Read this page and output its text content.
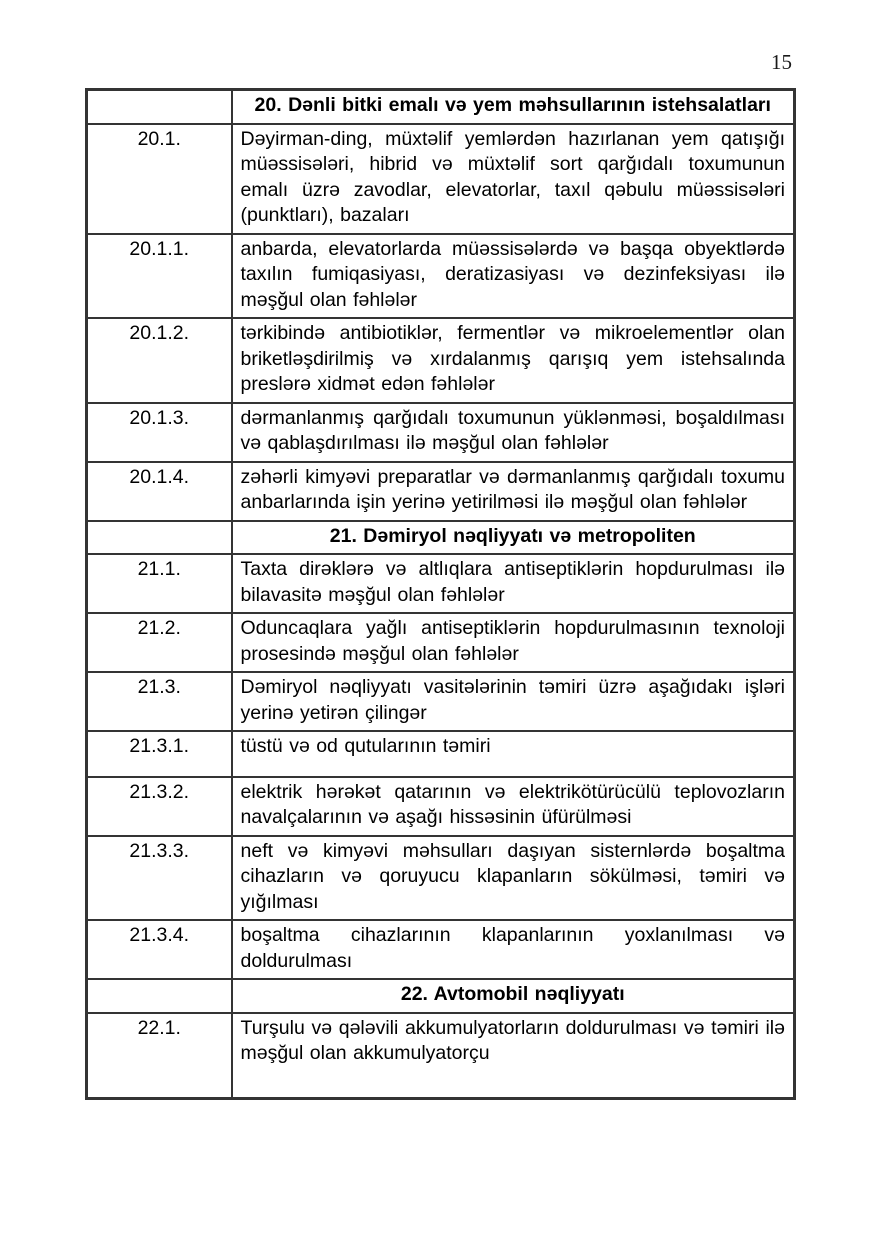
15
	20. Dənli bitki emalı və yem məhsullarının istehsalatları
20.1.	Dəyirman-ding, müxtəlif yemlərdən hazırlanan yem qatışığı müəssisələri, hibrid və müxtəlif sort qarğıdalı toxumunun emalı üzrə zavodlar, elevatorlar, taxıl qəbulu müəssisələri (punktları), bazaları
20.1.1.	anbarda, elevatorlarda müəssisələrdə və başqa obyektlərdə taxılın fumiqasiyası, deratizasiyası və dezinfeksiyası ilə məşğul olan fəhlələr
20.1.2.	tərkibində antibiotiklər, fermentlər və mikroelementlər olan briketləşdirilmiş və xırdalanmış qarışıq yem istehsalında preslərə xidmət edən fəhlələr
20.1.3.	dərmanlanmış qarğıdalı toxumunun yüklənməsi, boşaldılması və qablaşdırılması ilə məşğul olan fəhlələr
20.1.4.	zəhərli kimyəvi preparatlar və dərmanlanmış qarğıdalı toxumu anbarlarında işin yerinə yetirilməsi ilə məşğul olan fəhlələr
	21. Dəmiryol nəqliyyatı və metropoliten
21.1.	Taxta dirəklərə və altlıqlara antiseptiklərin hopdurulması ilə bilavasitə məşğul olan fəhlələr
21.2.	Oduncaqlara yağlı antiseptiklərin hopdurulmasının texnoloji prosesində məşğul olan fəhlələr
21.3.	Dəmiryol nəqliyyatı vasitələrinin təmiri üzrə aşağıdakı işləri yerinə yetirən çilingər
21.3.1.	tüstü və od qutularının təmiri
21.3.2.	elektrik hərəkət qatarının və elektrikötürücülü teplovozların navalçalarının və aşağı hissəsinin üfürülməsi
21.3.3.	neft və kimyəvi məhsulları daşıyan sisternlərdə boşaltma cihazların və qoruyucu klapanların sökülməsi, təmiri və yığılması
21.3.4.	boşaltma cihazlarının klapanlarının yoxlanılması və doldurulması
	22. Avtomobil nəqliyyatı
22.1.	Turşulu və qələvili akkumulyatorların doldurulması və təmiri ilə məşğul olan akkumulyatorçu
